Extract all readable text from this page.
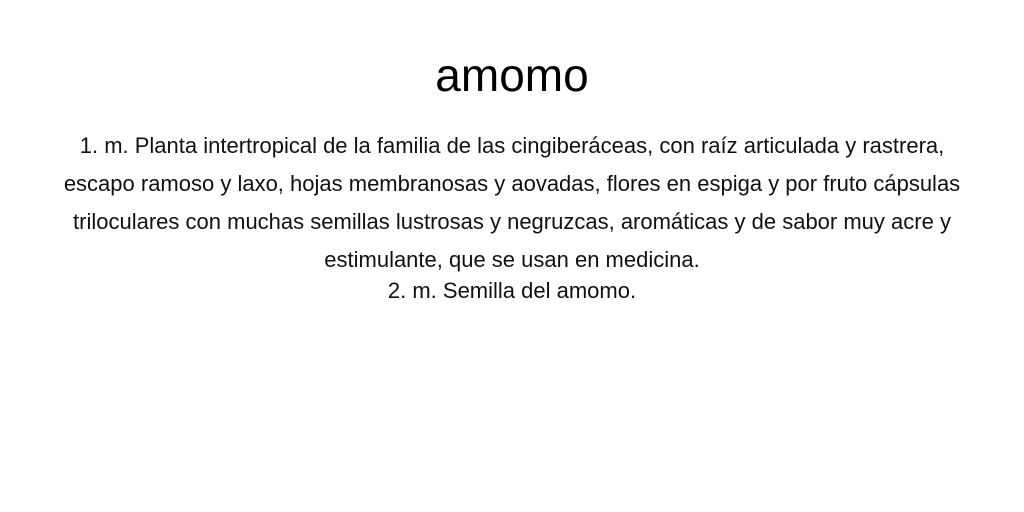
amomo
1. m. Planta intertropical de la familia de las cingiberáceas, con raíz articulada y rastrera, escapo ramoso y laxo, hojas membranosas y aovadas, flores en espiga y por fruto cápsulas triloculares con muchas semillas lustrosas y negruzcas, aromáticas y de sabor muy acre y estimulante, que se usan en medicina.
2. m. Semilla del amomo.
